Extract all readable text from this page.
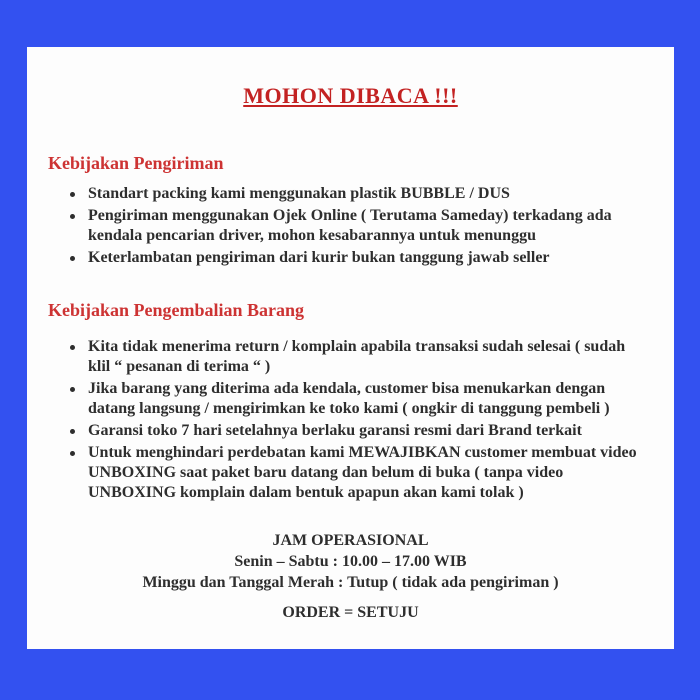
MOHON DIBACA !!!
Kebijakan Pengiriman
Standart packing kami menggunakan plastik BUBBLE / DUS
Pengiriman menggunakan Ojek Online ( Terutama Sameday) terkadang ada kendala pencarian driver, mohon kesabarannya untuk menunggu
Keterlambatan pengiriman dari kurir bukan tanggung jawab seller
Kebijakan Pengembalian Barang
Kita tidak menerima return / komplain apabila transaksi sudah selesai ( sudah klil “ pesanan di terima “ )
Jika barang yang diterima ada kendala, customer bisa menukarkan dengan datang langsung / mengirimkan ke toko kami ( ongkir di tanggung pembeli )
Garansi toko 7 hari setelahnya berlaku garansi resmi dari Brand terkait
Untuk menghindari perdebatan kami MEWAJIBKAN customer membuat video UNBOXING saat paket baru datang dan belum di buka ( tanpa video UNBOXING komplain dalam bentuk apapun akan kami tolak )

JAM OPERASIONAL

Senin – Sabtu : 10.00 – 17.00 WIB

Minggu dan Tanggal Merah : Tutup ( tidak ada pengiriman )

ORDER = SETUJU
